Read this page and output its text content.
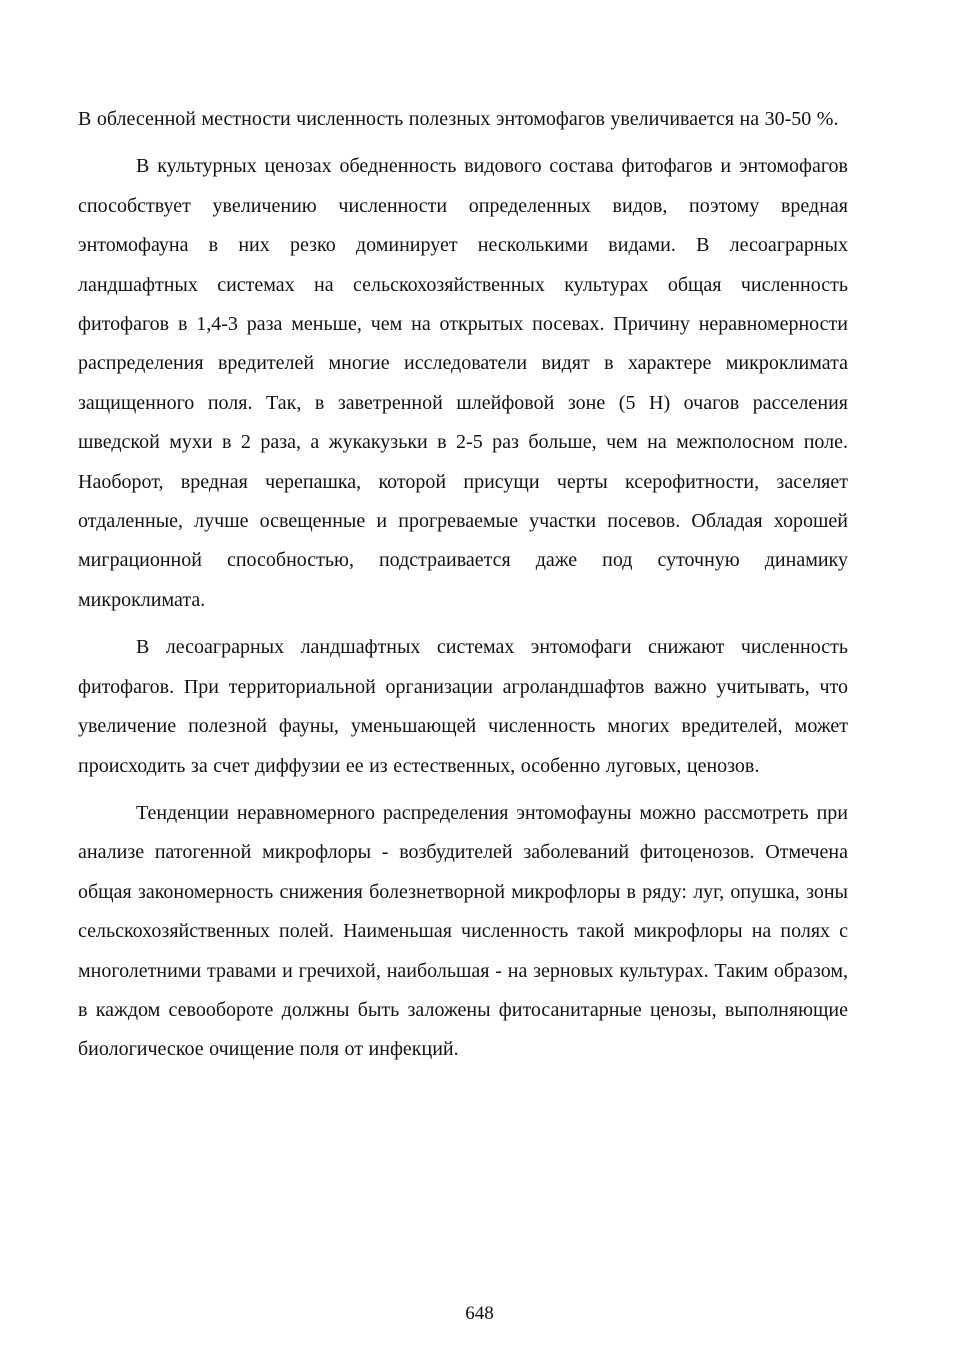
В облесенной местности численность полезных энтомофагов увеличивается на 30-50 %.

В культурных ценозах обедненность видового состава фитофагов и энтомофагов способствует увеличению численности определенных видов, поэтому вредная энтомофауна в них резко доминирует несколькими видами. В лесоаграрных ландшафтных системах на сельскохозяйственных культурах общая численность фитофагов в 1,4-3 раза меньше, чем на открытых посевах. Причину неравномерности распределения вредителей многие исследователи видят в характере микроклимата защищенного поля. Так, в заветренной шлейфовой зоне (5 Н) очагов расселения шведской мухи в 2 раза, а жукакузьки в 2-5 раз больше, чем на межполосном поле. Наоборот, вредная черепашка, которой присущи черты ксерофитности, заселяет отдаленные, лучше освещенные и прогреваемые участки посевов. Обладая хорошей миграционной способностью, подстраивается даже под суточную динамику микроклимата.

В лесоаграрных ландшафтных системах энтомофаги снижают численность фитофагов. При территориальной организации агроландшафтов важно учитывать, что увеличение полезной фауны, уменьшающей численность многих вредителей, может происходить за счет диффузии ее из естественных, особенно луговых, ценозов.

Тенденции неравномерного распределения энтомофауны можно рассмотреть при анализе патогенной микрофлоры - возбудителей заболеваний фитоценозов. Отмечена общая закономерность снижения болезнетворной микрофлоры в ряду: луг, опушка, зоны сельскохозяйственных полей. Наименьшая численность такой микрофлоры на полях с многолетними травами и гречихой, наибольшая - на зерновых культурах. Таким образом, в каждом севообороте должны быть заложены фитосанитарные ценозы, выполняющие биологическое очищение поля от инфекций.

648
